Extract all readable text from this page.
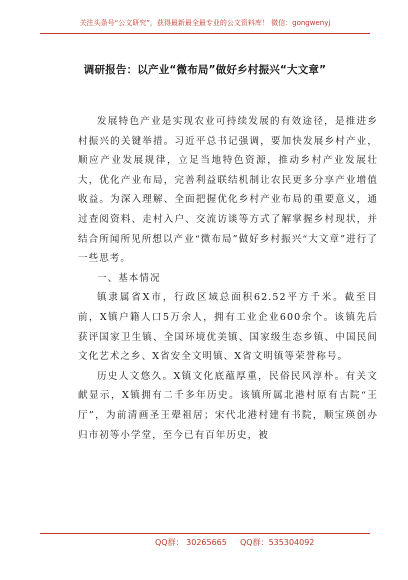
关注头条号“公文研究”，获得最新最全最专业的公文资料库！ 微信：gongwenyj
调研报告：以产业“微布局”做好乡村振兴“大文章”

发展特色产业是实现农业可持续发展的有效途径，是推进乡村振兴的关键举措。习近平总书记强调，要加快发展乡村产业，顺应产业发展规律，立足当地特色资源，推动乡村产业发展壮大，优化产业布局，完善利益联结机制让农民更多分享产业增值收益。为深入理解、全面把握优化乡村产业布局的重要意义，通过查阅资料、走村入户、交流访谈等方式了解掌握乡村现状，并结合所闻所见所想以产业“微布局”做好乡村振兴“大文章”进行了一些思考。

一、基本情况

镇隶属省X市，行政区域总面积62.52平方千米。截至目前，X镇户籍人口5万余人，拥有工业企业600余个。该镇先后获评国家卫生镇、全国环境优美镇、国家级生态乡镇、中国民间文化艺术之乡、X省安全文明镇、X省文明镇等荣誉称号。

历史人文悠久。X镇文化底蕴厚重，民俗民风淳朴。有关文献显示，X镇拥有二千多年历史。该镇所属北港村原有古院“王厅”，为前清画圣王翚祖居；宋代北港村建有书院，顺宝瑛创办归市初等小学堂，至今已有百年历史，被

QQ群： 30265665 QQ群：535304092
